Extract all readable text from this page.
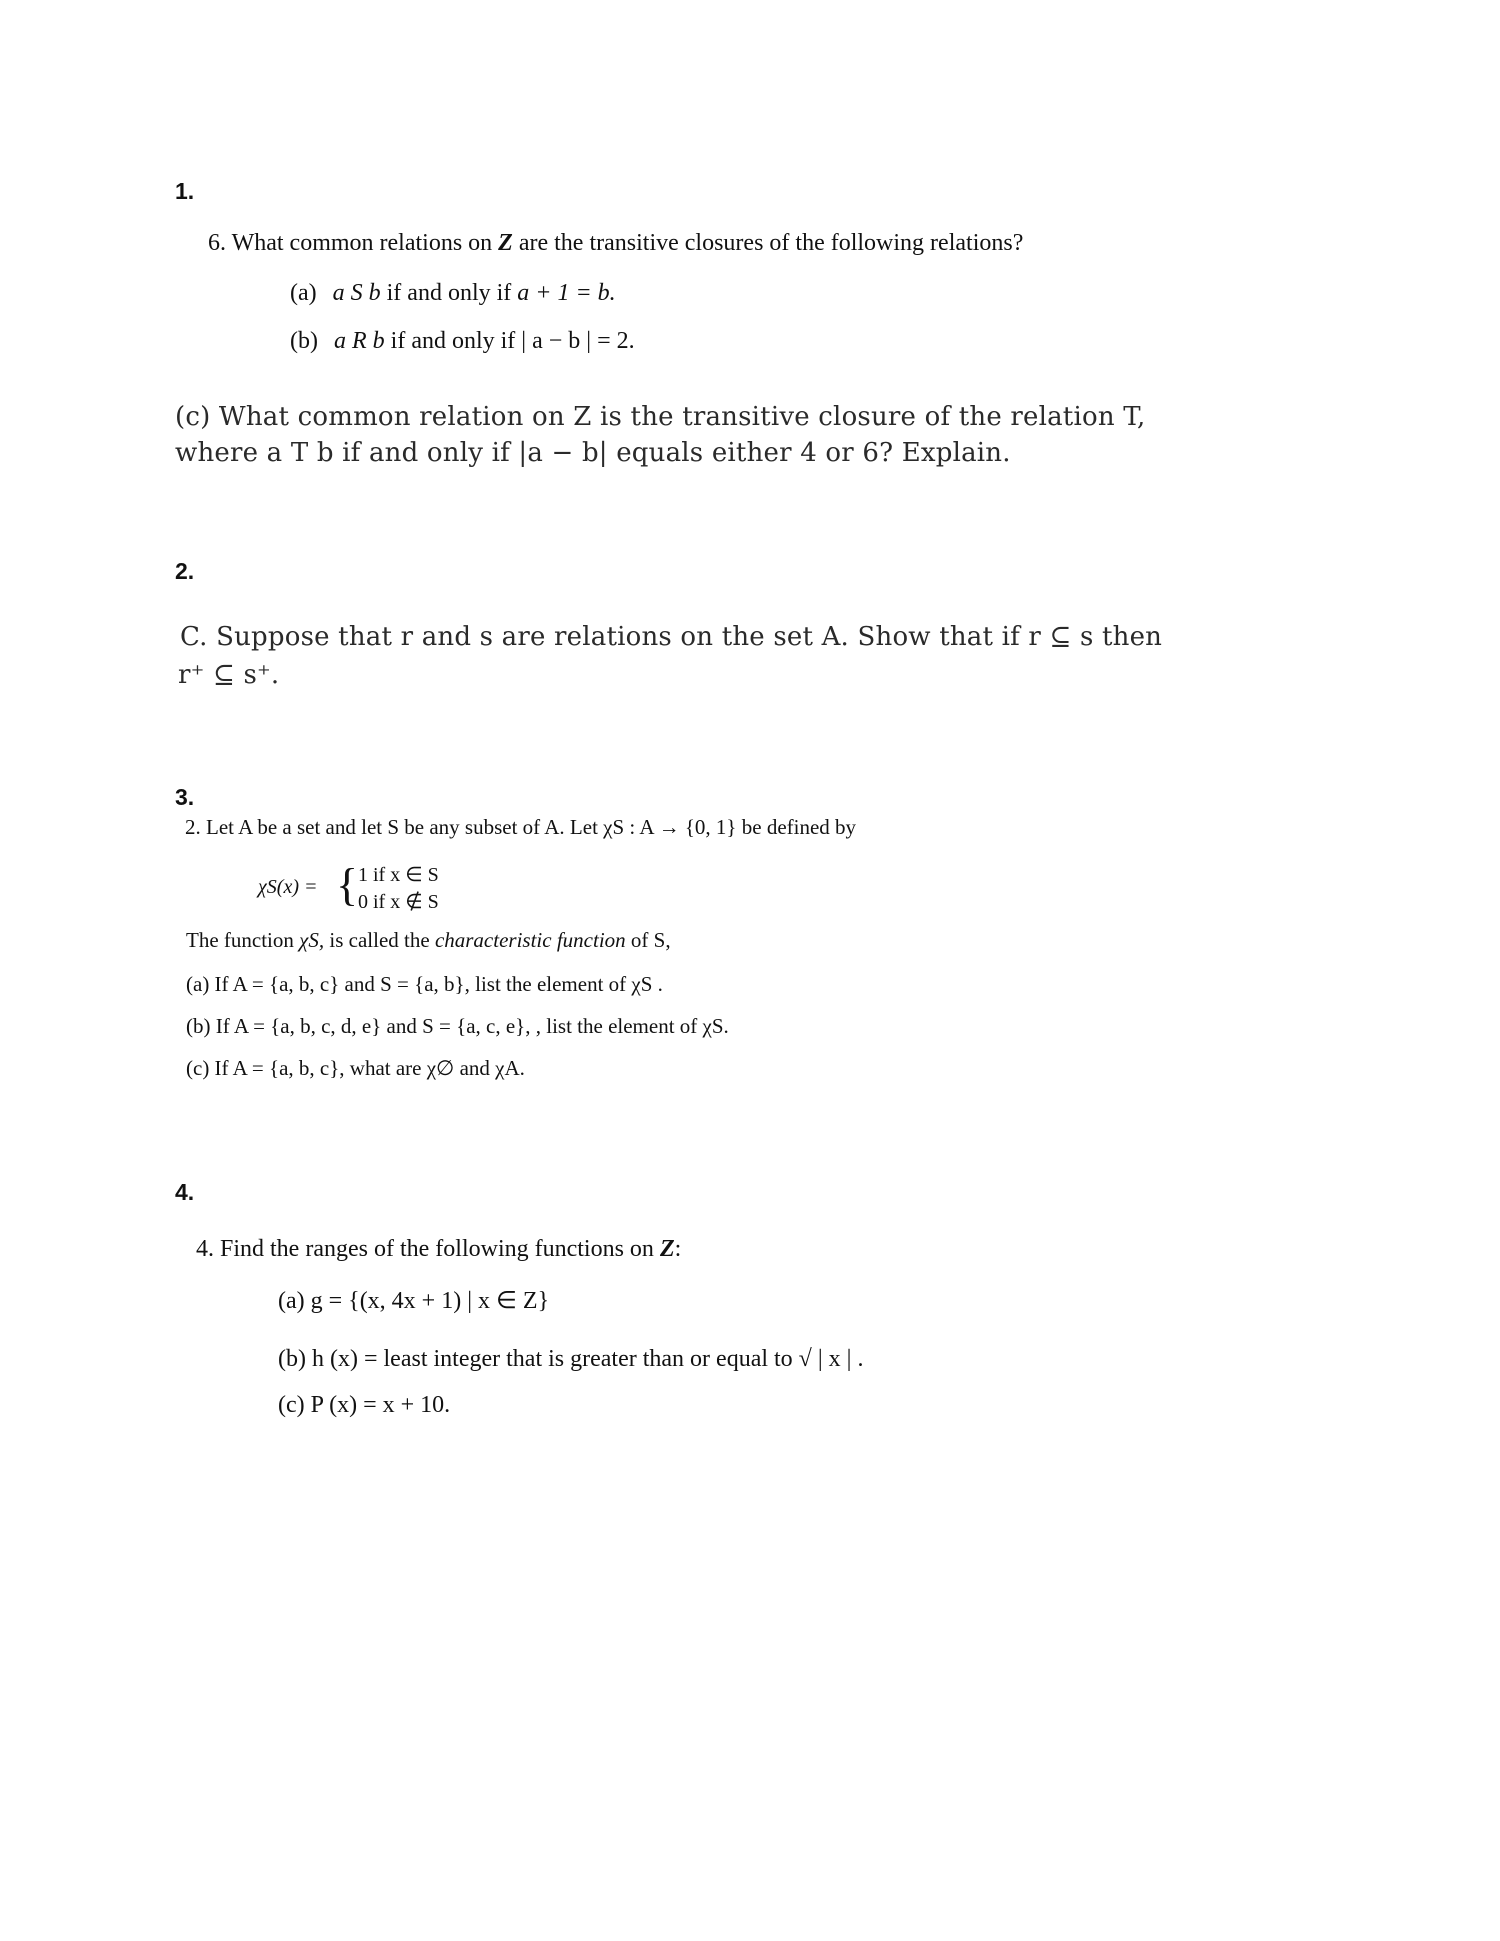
1.
6. What common relations on Z are the transitive closures of the following relations?
(a) a S b if and only if a + 1 = b.
(b) a R b if and only if | a − b | = 2.
(c) What common relation on Z is the transitive closure of the relation T,
where a T b if and only if |a − b| equals either 4 or 6? Explain.
2.
C. Suppose that r and s are relations on the set A. Show that if r ⊆ s then
r⁺ ⊆ s⁺.
3.
2. Let A be a set and let S be any subset of A. Let χS : A → {0, 1} be defined by
χS(x) = { 1 if x ∈ S
0 if x ∉ S
The function χS, is called the characteristic function of S,
(a) If A = {a, b, c} and S = {a, b}, list the element of χS .
(b) If A = {a, b, c, d, e} and S = {a, c, e}, , list the element of χS.
(c) If A = {a, b, c}, what are χ∅ and χA.
4.
4. Find the ranges of the following functions on Z:
(a) g = {(x, 4x + 1) | x ∈ Z}
(b) h (x) = least integer that is greater than or equal to √ | x | .
(c) P (x) = x + 10.
